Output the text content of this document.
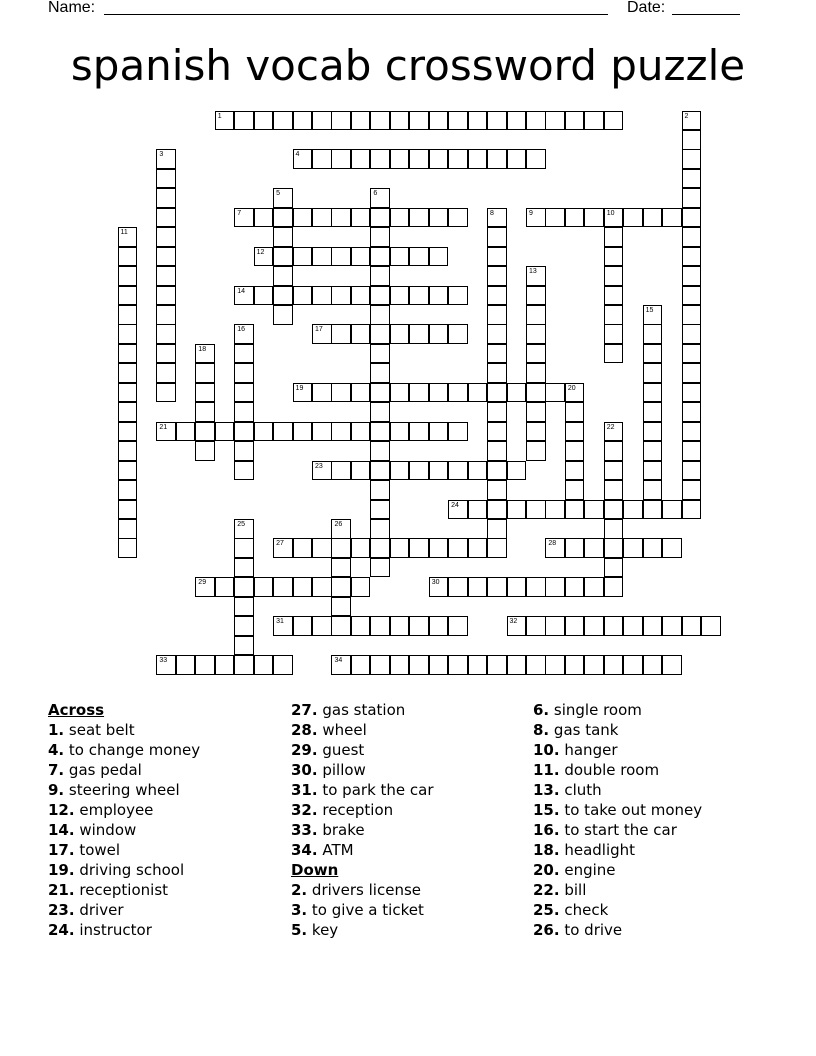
Name:	Date:
spanish vocab crossword puzzle
1	2
3	4
5	6
7	8	9	10
11
12
13
14
15
16	17
18
19	20
21	22
23
24
25	26
27	28
29	30
31	32
33	34
Across
1. seat belt
4. to change money
7. gas pedal
9. steering wheel
12. employee
14. window
17. towel
19. driving school
21. receptionist
23. driver
24. instructor
27. gas station
28. wheel
29. guest
30. pillow
31. to park the car
32. reception
33. brake
34. ATM
Down
2. drivers license
3. to give a ticket
5. key
6. single room
8. gas tank
10. hanger
11. double room
13. cluth
15. to take out money
16. to start the car
18. headlight
20. engine
22. bill
25. check
26. to drive
